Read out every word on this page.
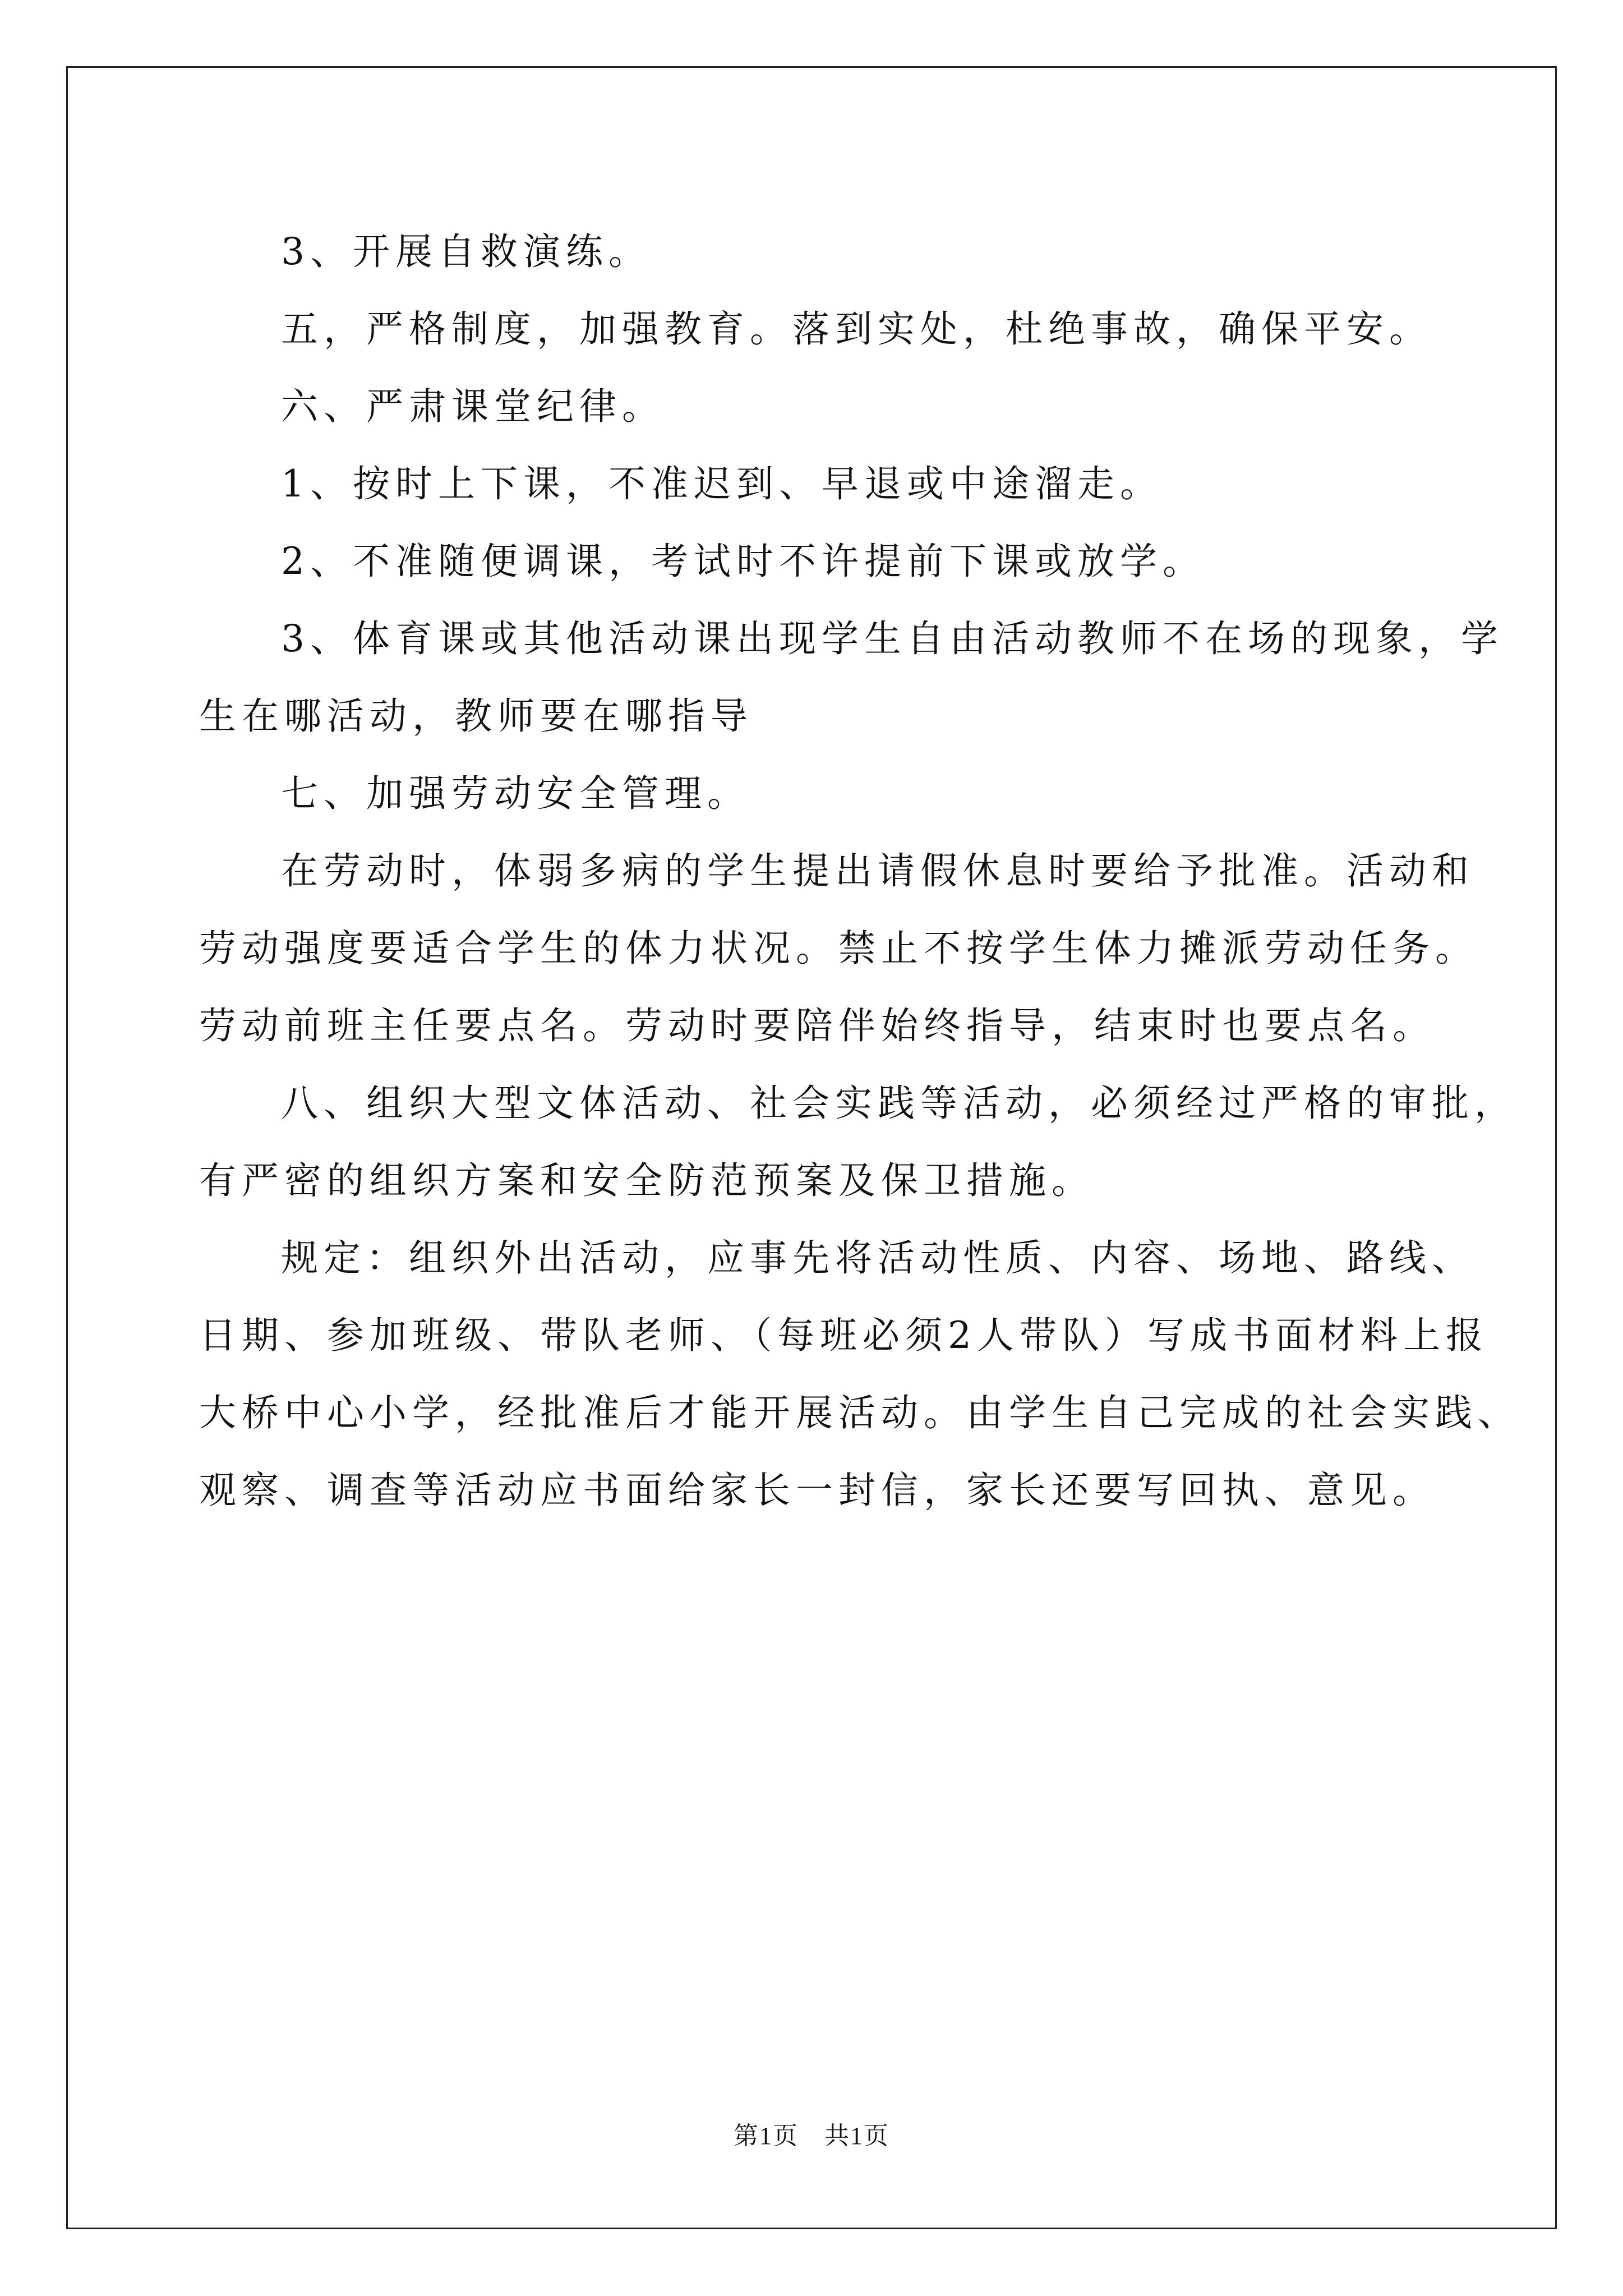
3、开展自救演练。

五，严格制度，加强教育。落到实处，杜绝事故，确保平安。

六、严肃课堂纪律。

1、按时上下课，不准迟到、早退或中途溜走。

2、不准随便调课，考试时不许提前下课或放学。

3、体育课或其他活动课出现学生自由活动教师不在场的现象，学
生在哪活动，教师要在哪指导

七、加强劳动安全管理。

在劳动时，体弱多病的学生提出请假休息时要给予批准。活动和
劳动强度要适合学生的体力状况。禁止不按学生体力摊派劳动任务。
劳动前班主任要点名。劳动时要陪伴始终指导，结束时也要点名。

八、组织大型文体活动、社会实践等活动，必须经过严格的审批，
有严密的组织方案和安全防范预案及保卫措施。

规定：组织外出活动，应事先将活动性质、内容、场地、路线、
日期、参加班级、带队老师、（每班必须2人带队）写成书面材料上报
大桥中心小学，经批准后才能开展活动。由学生自己完成的社会实践、
观察、调查等活动应书面给家长一封信，家长还要写回执、意见。

第1页　共1页
